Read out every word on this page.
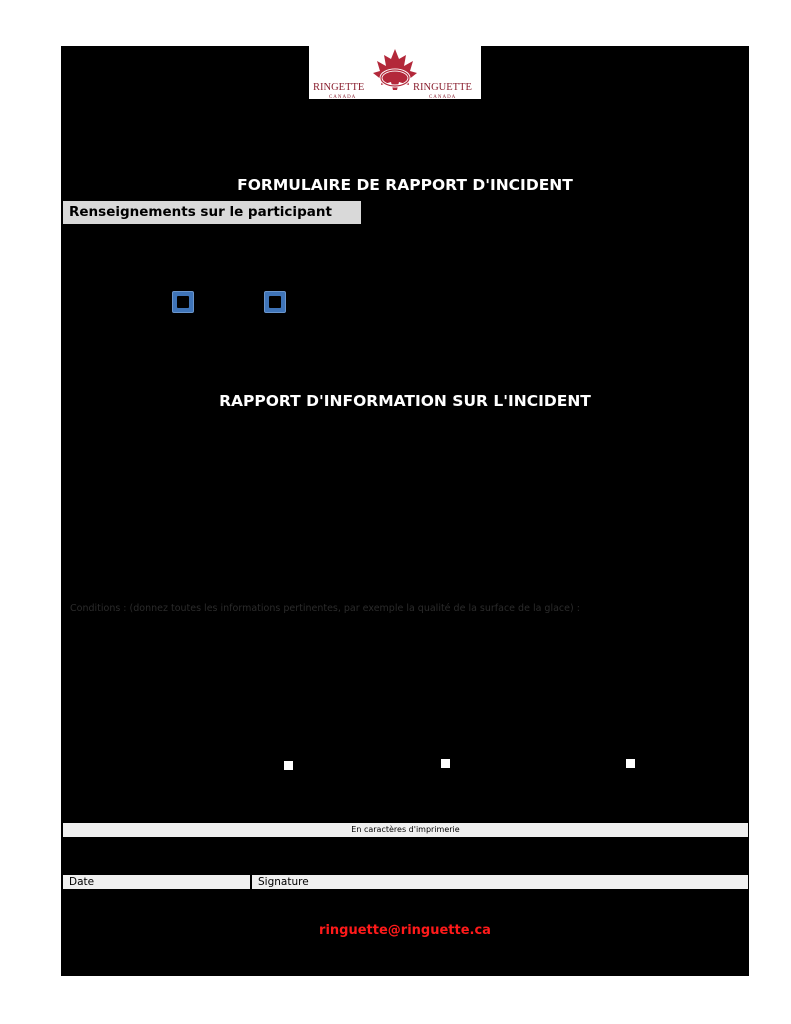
RINGETTE
C A N A D A
RINGUETTE
C A N A D A
FORMULAIRE DE RAPPORT D'INCIDENT
Renseignements sur le participant
RAPPORT D'INFORMATION SUR L'INCIDENT
Conditions : (donnez toutes les informations pertinentes, par exemple la qualité de la surface de la glace) :
En caractères d'imprimerie
Date	Signature
ringuette@ringuette.ca
